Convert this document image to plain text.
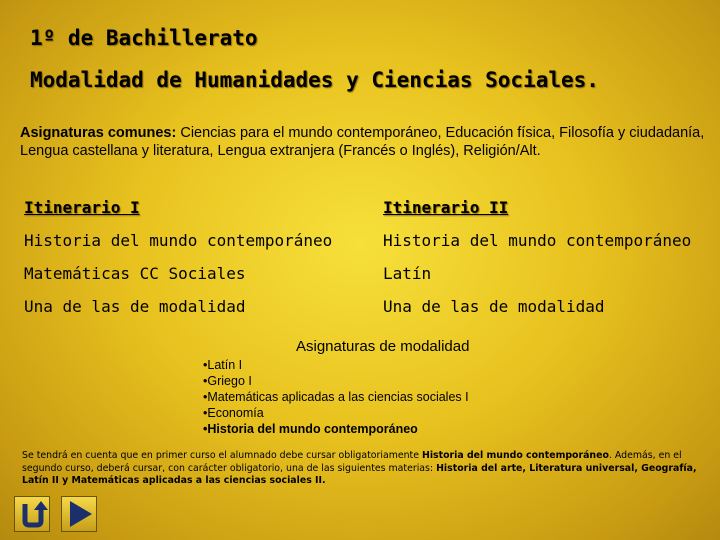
1º de Bachillerato
Modalidad de Humanidades y Ciencias Sociales.
Asignaturas comunes: Ciencias para el mundo contemporáneo, Educación física, Filosofía y ciudadanía, Lengua castellana y literatura, Lengua extranjera (Francés o Inglés), Religión/Alt.
Itinerario I
Historia del mundo contemporáneo
Matemáticas CC Sociales
Una de las de modalidad
Itinerario II
Historia del mundo contemporáneo
Latín
Una de las de modalidad
Asignaturas de modalidad
•Latín I
•Griego I
•Matemáticas aplicadas a las ciencias sociales I
•Economía
•Historia del mundo contemporáneo
Se tendrá en cuenta que en primer curso el alumnado debe cursar obligatoriamente Historia del mundo contemporáneo. Además, en el segundo curso, deberá cursar, con carácter obligatorio, una de las siguientes materias: Historia del arte, Literatura universal, Geografía, Latín II y Matemáticas aplicadas a las ciencias sociales II.
